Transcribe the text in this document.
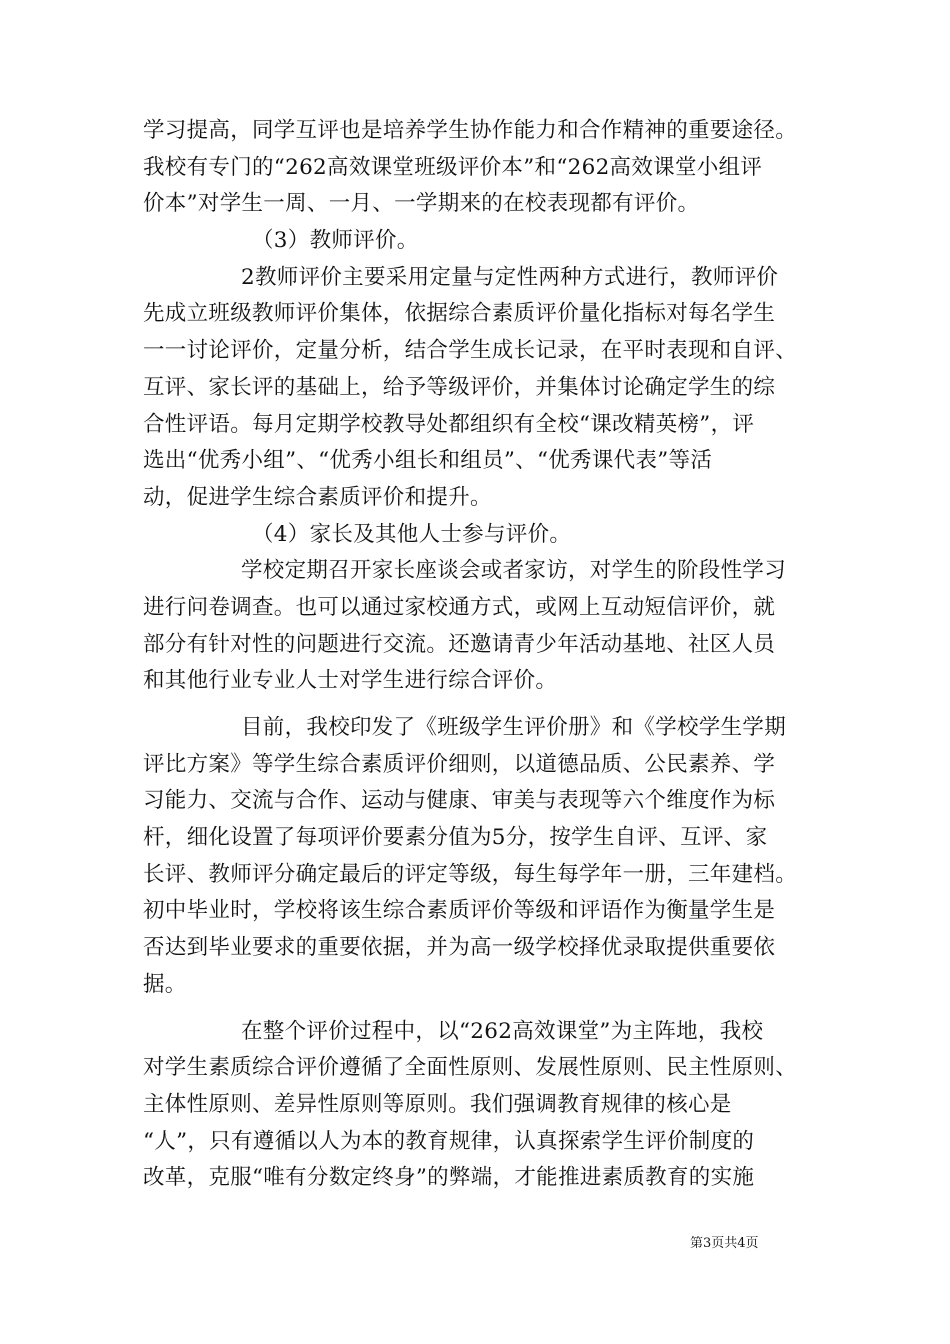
学习提高，同学互评也是培养学生协作能力和合作精神的重要途径。
我校有专门的“262高效课堂班级评价本”和“262高效课堂小组评
价本”对学生一周、一月、一学期来的在校表现都有评价。
（3）教师评价。
2教师评价主要采用定量与定性两种方式进行，教师评价
先成立班级教师评价集体，依据综合素质评价量化指标对每名学生
一一讨论评价，定量分析，结合学生成长记录，在平时表现和自评、
互评、家长评的基础上，给予等级评价，并集体讨论确定学生的综
合性评语。每月定期学校教导处都组织有全校“课改精英榜”，评
选出“优秀小组”、“优秀小组长和组员”、“优秀课代表”等活
动，促进学生综合素质评价和提升。
（4）家长及其他人士参与评价。
学校定期召开家长座谈会或者家访，对学生的阶段性学习
进行问卷调查。也可以通过家校通方式，或网上互动短信评价，就
部分有针对性的问题进行交流。还邀请青少年活动基地、社区人员
和其他行业专业人士对学生进行综合评价。
目前，我校印发了《班级学生评价册》和《学校学生学期
评比方案》等学生综合素质评价细则，以道德品质、公民素养、学
习能力、交流与合作、运动与健康、审美与表现等六个维度作为标
杆，细化设置了每项评价要素分值为5分，按学生自评、互评、家
长评、教师评分确定最后的评定等级，每生每学年一册，三年建档。
初中毕业时，学校将该生综合素质评价等级和评语作为衡量学生是
否达到毕业要求的重要依据，并为高一级学校择优录取提供重要依
据。
在整个评价过程中，以“262高效课堂”为主阵地，我校
对学生素质综合评价遵循了全面性原则、发展性原则、民主性原则、
主体性原则、差异性原则等原则。我们强调教育规律的核心是
“人”，只有遵循以人为本的教育规律，认真探索学生评价制度的
改革，克服“唯有分数定终身”的弊端，才能推进素质教育的实施
第3页共4页
